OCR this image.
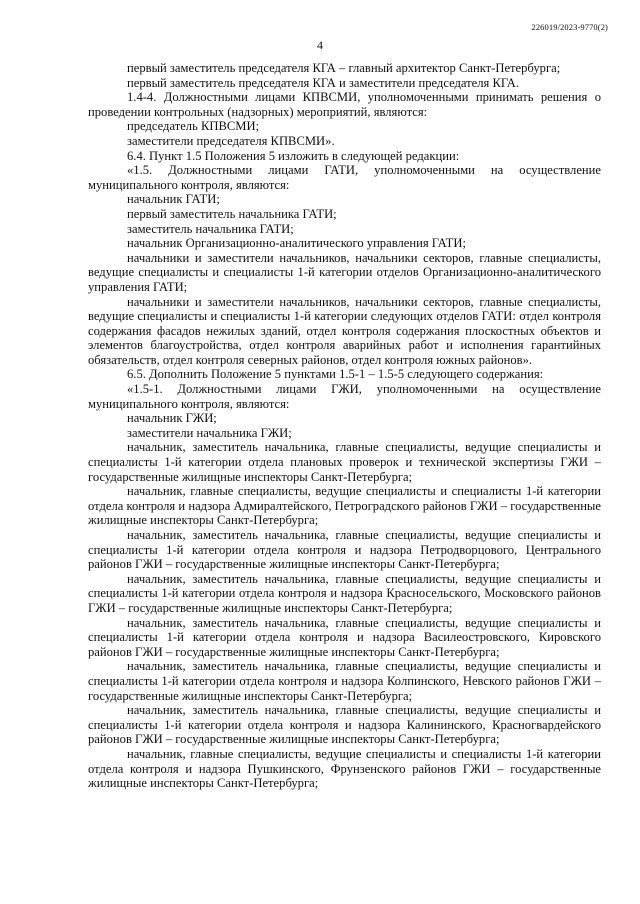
226019/2023-9770(2)
4

первый заместитель председателя КГА – главный архитектор Санкт-Петербурга;

первый заместитель председателя КГА и заместители председателя КГА.

1.4-4. Должностными лицами КПВСМИ, уполномоченными принимать решения о проведении контрольных (надзорных) мероприятий, являются:

председатель КПВСМИ;

заместители председателя КПВСМИ».

6.4. Пункт 1.5 Положения 5 изложить в следующей редакции:

«1.5. Должностными лицами ГАТИ, уполномоченными на осуществление муниципального контроля, являются:

начальник ГАТИ;

первый заместитель начальника ГАТИ;

заместитель начальника ГАТИ;

начальник Организационно-аналитического управления ГАТИ;

начальники и заместители начальников, начальники секторов, главные специалисты, ведущие специалисты и специалисты 1-й категории отделов Организационно-аналитического управления ГАТИ;

начальники и заместители начальников, начальники секторов, главные специалисты, ведущие специалисты и специалисты 1-й категории следующих отделов ГАТИ: отдел контроля содержания фасадов нежилых зданий, отдел контроля содержания плоскостных объектов и элементов благоустройства, отдел контроля аварийных работ и исполнения гарантийных обязательств, отдел контроля северных районов, отдел контроля южных районов».

6.5. Дополнить Положение 5 пунктами 1.5-1 – 1.5-5 следующего содержания:

«1.5-1. Должностными лицами ГЖИ, уполномоченными на осуществление муниципального контроля, являются:

начальник ГЖИ;

заместители начальника ГЖИ;

начальник, заместитель начальника, главные специалисты, ведущие специалисты и специалисты 1-й категории отдела плановых проверок и технической экспертизы ГЖИ – государственные жилищные инспекторы Санкт-Петербурга;

начальник, главные специалисты, ведущие специалисты и специалисты 1-й категории отдела контроля и надзора Адмиралтейского, Петроградского районов ГЖИ – государственные жилищные инспекторы Санкт-Петербурга;

начальник, заместитель начальника, главные специалисты, ведущие специалисты и специалисты 1-й категории отдела контроля и надзора Петродворцового, Центрального районов ГЖИ – государственные жилищные инспекторы Санкт-Петербурга;

начальник, заместитель начальника, главные специалисты, ведущие специалисты и специалисты 1-й категории отдела контроля и надзора Красносельского, Московского районов ГЖИ – государственные жилищные инспекторы Санкт-Петербурга;

начальник, заместитель начальника, главные специалисты, ведущие специалисты и специалисты 1-й категории отдела контроля и надзора Василеостровского, Кировского районов ГЖИ – государственные жилищные инспекторы Санкт-Петербурга;

начальник, заместитель начальника, главные специалисты, ведущие специалисты и специалисты 1-й категории отдела контроля и надзора Колпинского, Невского районов ГЖИ – государственные жилищные инспекторы Санкт-Петербурга;

начальник, заместитель начальника, главные специалисты, ведущие специалисты и специалисты 1-й категории отдела контроля и надзора Калининского, Красногвардейского районов ГЖИ – государственные жилищные инспекторы Санкт-Петербурга;

начальник, главные специалисты, ведущие специалисты и специалисты 1-й категории отдела контроля и надзора Пушкинского, Фрунзенского районов ГЖИ – государственные жилищные инспекторы Санкт-Петербурга;
